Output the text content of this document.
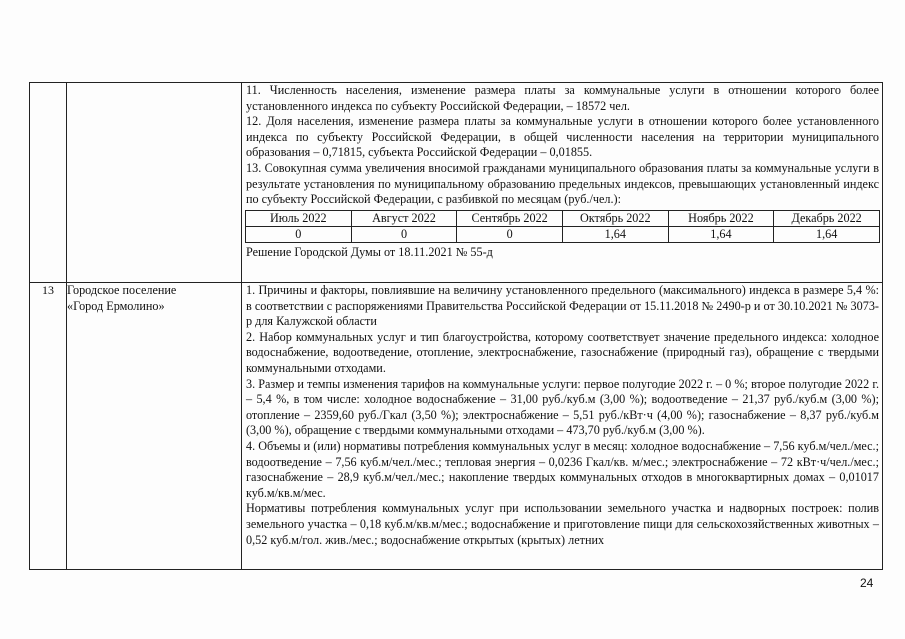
11. Численность населения, изменение размера платы за коммунальные услуги в отношении которого более установленного индекса по субъекту Российской Федерации, – 18572 чел.

12. Доля населения, изменение размера платы за коммунальные услуги в отношении которого более установленного индекса по субъекту Российской Федерации, в общей численности населения на территории муниципального образования – 0,71815, субъекта Российской Федерации – 0,01855.

13. Совокупная сумма увеличения вносимой гражданами муниципального образования платы за коммунальные услуги в результате установления по муниципальному образованию предельных индексов, превышающих установленный индекс по субъекту Российской Федерации, с разбивкой по месяцам (руб./чел.):

Июль 2022	Август 2022	Сентябрь 2022	Октябрь 2022	Ноябрь 2022	Декабрь 2022
0	0	0	1,64	1,64	1,64

Решение Городской Думы от 18.11.2021 № 55-д

13	Городское поселение
«Город Ермолино»

1. Причины и факторы, повлиявшие на величину установленного предельного (максимального) индекса в размере 5,4 %: в соответствии с распоряжениями Правительства Российской Федерации от 15.11.2018 № 2490-р и от 30.10.2021 № 3073-р для Калужской области

2. Набор коммунальных услуг и тип благоустройства, которому соответствует значение предельного индекса: холодное водоснабжение, водоотведение, отопление, электроснабжение, газоснабжение (природный газ), обращение с твердыми коммунальными отходами.

3. Размер и темпы изменения тарифов на коммунальные услуги: первое полугодие 2022 г. – 0 %; второе полугодие 2022 г. – 5,4 %, в том числе: холодное водоснабжение – 31,00 руб./куб.м (3,00 %); водоотведение – 21,37 руб./куб.м (3,00 %); отопление – 2359,60 руб./Гкал (3,50 %); электроснабжение – 5,51 руб./кВт·ч (4,00 %); газоснабжение – 8,37 руб./куб.м (3,00 %), обращение с твердыми коммунальными отходами – 473,70 руб./куб.м (3,00 %).

4. Объемы и (или) нормативы потребления коммунальных услуг в месяц: холодное водоснабжение – 7,56 куб.м/чел./мес.; водоотведение – 7,56 куб.м/чел./мес.; тепловая энергия – 0,0236 Гкал/кв. м/мес.; электроснабжение – 72 кВт·ч/чел./мес.; газоснабжение – 28,9 куб.м/чел./мес.; накопление твердых коммунальных отходов в многоквартирных домах – 0,01017 куб.м/кв.м/мес.

Нормативы потребления коммунальных услуг при использовании земельного участка и надворных построек: полив земельного участка – 0,18 куб.м/кв.м/мес.; водоснабжение и приготовление пищи для сельскохозяйственных животных – 0,52 куб.м/гол. жив./мес.; водоснабжение открытых (крытых) летних

24
